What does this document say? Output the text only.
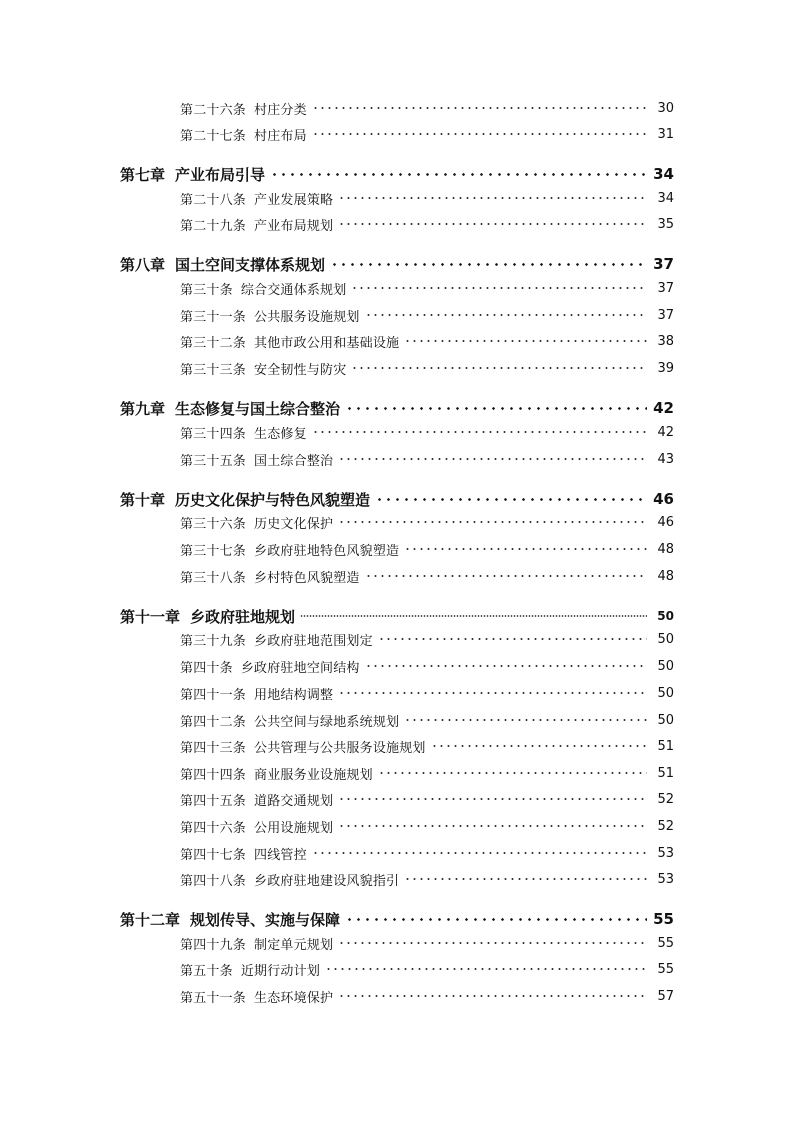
第二十六条 村庄分类	30
第二十七条 村庄布局	31
第七章 产业布局引导	34
第二十八条 产业发展策略	34
第二十九条 产业布局规划	35
第八章 国土空间支撑体系规划	37
第三十条 综合交通体系规划	37
第三十一条 公共服务设施规划	37
第三十二条 其他市政公用和基础设施	38
第三十三条 安全韧性与防灾	39
第九章 生态修复与国土综合整治	42
第三十四条 生态修复	42
第三十五条 国土综合整治	43
第十章 历史文化保护与特色风貌塑造	46
第三十六条 历史文化保护	46
第三十七条 乡政府驻地特色风貌塑造	48
第三十八条 乡村特色风貌塑造	48
第十一章 乡政府驻地规划	50
第三十九条 乡政府驻地范围划定	50
第四十条 乡政府驻地空间结构	50
第四十一条 用地结构调整	50
第四十二条 公共空间与绿地系统规划	50
第四十三条 公共管理与公共服务设施规划	51
第四十四条 商业服务业设施规划	51
第四十五条 道路交通规划	52
第四十六条 公用设施规划	52
第四十七条 四线管控	53
第四十八条 乡政府驻地建设风貌指引	53
第十二章 规划传导、实施与保障	55
第四十九条 制定单元规划	55
第五十条 近期行动计划	55
第五十一条 生态环境保护	57
